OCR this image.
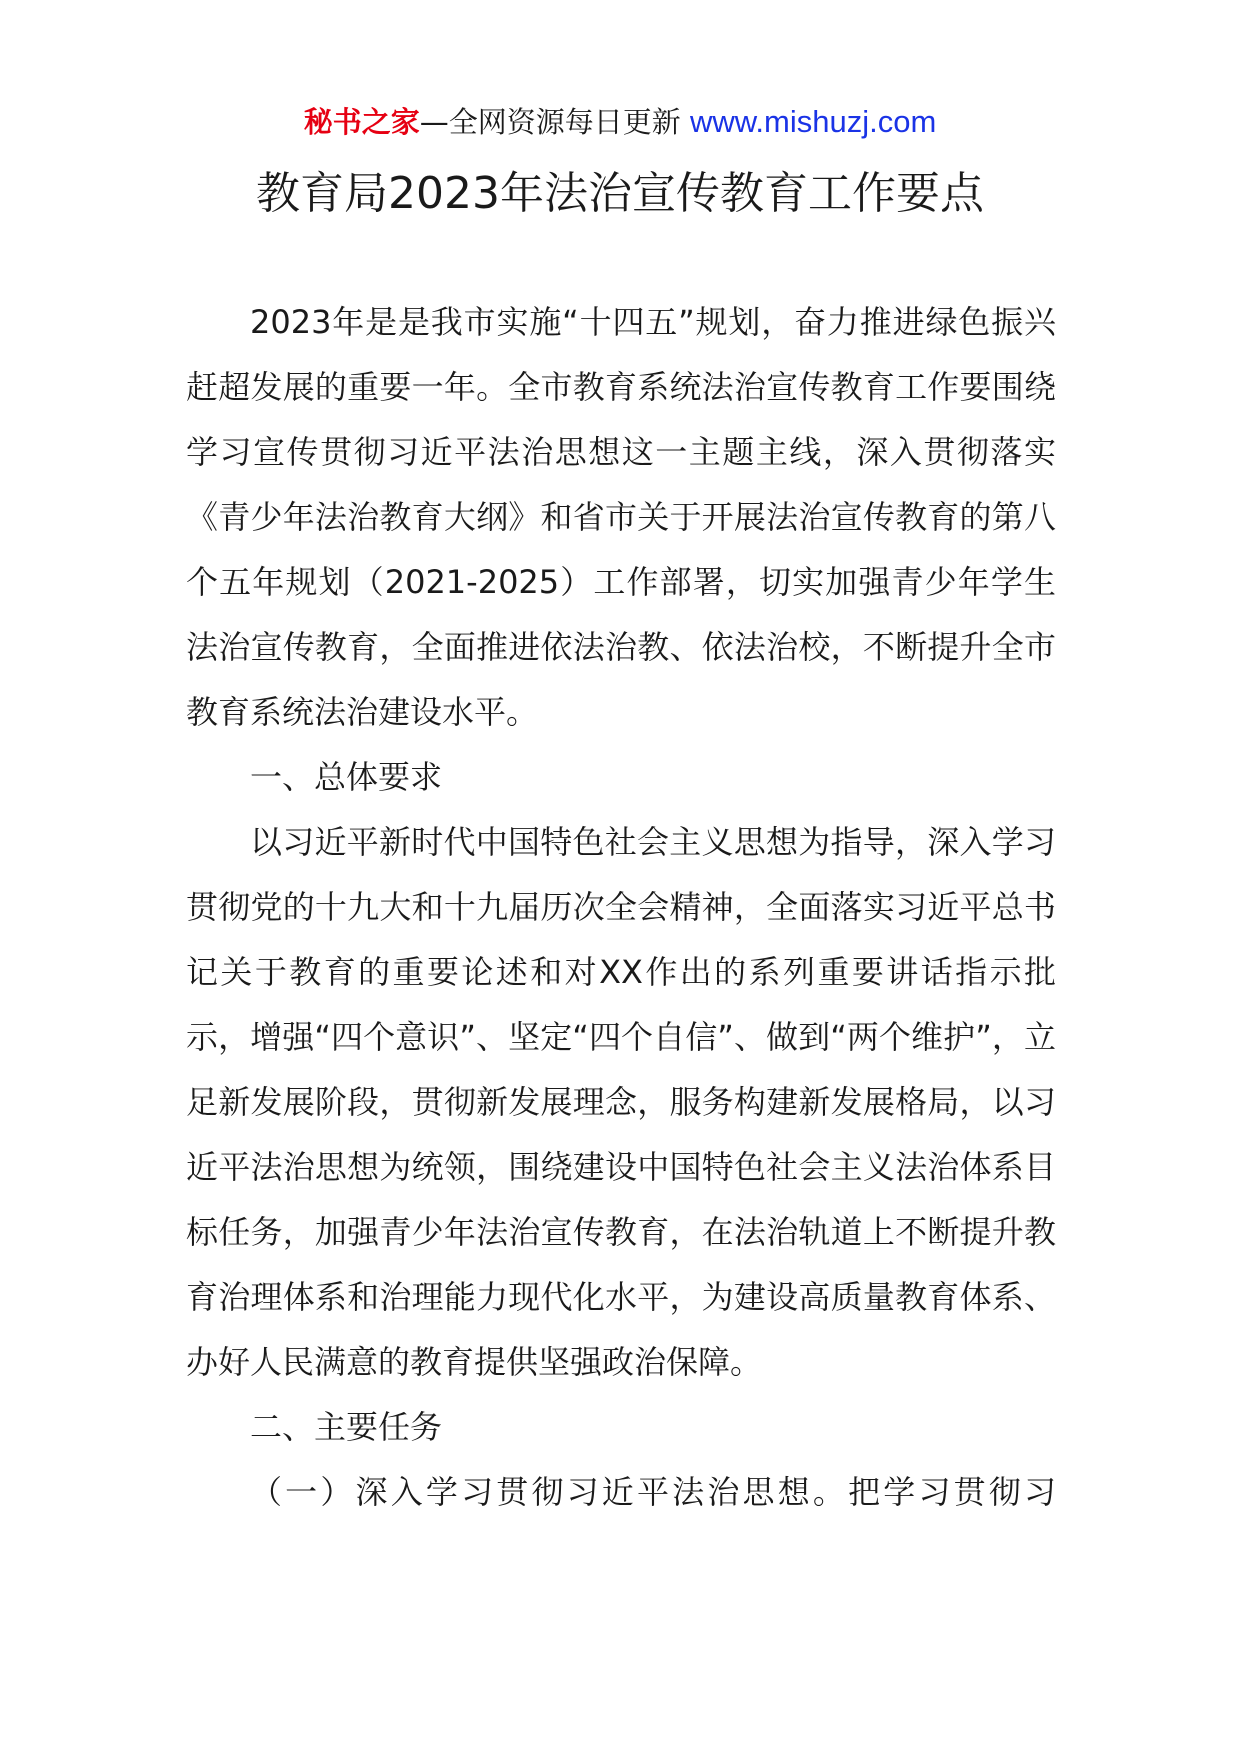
秘书之家—全网资源每日更新 www.mishuzj.com
教育局2023年法治宣传教育工作要点

2023年是是我市实施“十四五”规划，奋力推进绿色振兴赶超发展的重要一年。全市教育系统法治宣传教育工作要围绕学习宣传贯彻习近平法治思想这一主题主线，深入贯彻落实《青少年法治教育大纲》和省市关于开展法治宣传教育的第八个五年规划（2021-2025）工作部署，切实加强青少年学生法治宣传教育，全面推进依法治教、依法治校，不断提升全市教育系统法治建设水平。

一、总体要求

以习近平新时代中国特色社会主义思想为指导，深入学习贯彻党的十九大和十九届历次全会精神，全面落实习近平总书记关于教育的重要论述和对XX作出的系列重要讲话指示批示，增强“四个意识”、坚定“四个自信”、做到“两个维护”，立足新发展阶段，贯彻新发展理念，服务构建新发展格局，以习近平法治思想为统领，围绕建设中国特色社会主义法治体系目标任务，加强青少年法治宣传教育，在法治轨道上不断提升教育治理体系和治理能力现代化水平，为建设高质量教育体系、办好人民满意的教育提供坚强政治保障。

二、主要任务

（一）深入学习贯彻习近平法治思想。把学习贯彻习
